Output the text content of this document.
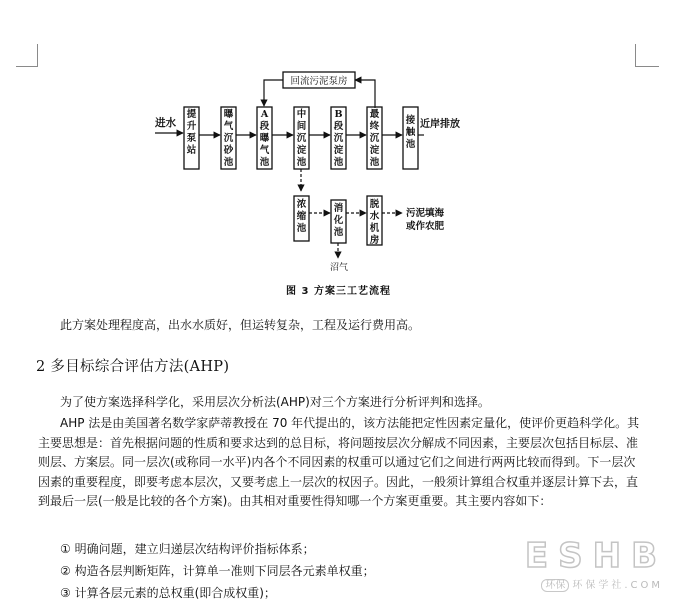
回流污泥泵房
进水
提升泵站
曝气沉砂池
A 段曝气池
中间沉淀池
B 段沉淀池
最终沉淀池
接触池
近岸排放
浓缩池
消化池
脱水机房
沼气
污泥填海
或作农肥
图 3 方案三工艺流程
此方案处理程度高，出水水质好，但运转复杂，工程及运行费用高。
2 多目标综合评估方法(AHP)
为了使方案选择科学化，采用层次分析法(AHP)对三个方案进行分析评判和选择。
AHP 法是由美国著名数学家萨蒂教授在 70 年代提出的，该方法能把定性因素定量化，使评价更趋科学化。其主要思想是：首先根据问题的性质和要求达到的总目标，将问题按层次分解成不同因素，主要层次包括目标层、准则层、方案层。同一层次(或称同一水平)内各个不同因素的权重可以通过它们之间进行两两比较而得到。下一层次因素的重要程度，即要考虑本层次，又要考虑上一层次的权因子。因此，一般须计算组合权重并逐层计算下去，直到最后一层(一般是比较的各个方案)。由其相对重要性得知哪一个方案更重要。其主要内容如下：
① 明确问题，建立归递层次结构评价指标体系；
② 构造各层判断矩阵，计算单一准则下同层各元素单权重；
③ 计算各层元素的总权重(即合成权重)；
ESHB
环保 环保学社.COM
